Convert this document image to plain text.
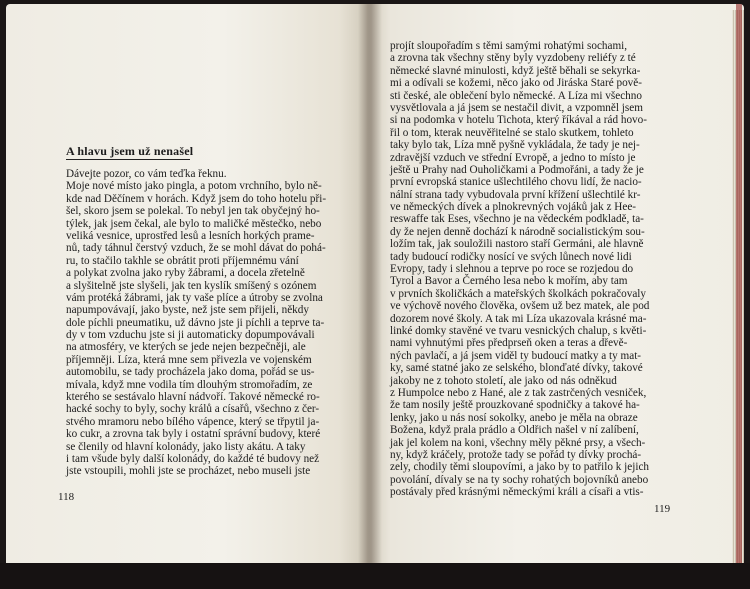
A hlavu jsem už nenašel
Dávejte pozor, co vám teďka řeknu.
Moje nové místo jako pingla, a potom vrchního, bylo ně-
kde nad Děčínem v horách. Když jsem do toho hotelu při-
šel, skoro jsem se polekal. To nebyl jen tak obyčejný ho-
týlek, jak jsem čekal, ale bylo to maličké městečko, nebo
veliká vesnice, uprostřed lesů a lesních horkých prame-
nů, tady táhnul čerstvý vzduch, že se mohl dávat do pohá-
ru, to stačilo takhle se obrátit proti příjemnému vání
a polykat zvolna jako ryby žábrami, a docela zřetelně
a slyšitelně jste slyšeli, jak ten kyslík smíšený s ozónem
vám protéká žábrami, jak ty vaše plíce a útroby se zvolna
napumpovávají, jako byste, než jste sem přijeli, někdy
dole píchli pneumatiku, už dávno jste ji píchli a teprve ta-
dy v tom vzduchu jste si ji automaticky dopumpovávali
na atmosféry, ve kterých se jede nejen bezpečněji, ale
příjemněji. Líza, která mne sem přivezla ve vojenském
automobilu, se tady procházela jako doma, pořád se us-
mívala, když mne vodila tím dlouhým stromořadím, ze
kterého se sestávalo hlavní nádvoří. Takové německé ro-
hacké sochy to byly, sochy králů a císařů, všechno z čer-
stvého mramoru nebo bílého vápence, který se třpytil ja-
ko cukr, a zrovna tak byly i ostatní správní budovy, které
se členily od hlavní kolonády, jako listy akátu. A taky
i tam všude byly další kolonády, do každé té budovy než
jste vstoupili, mohli jste se procházet, nebo museli jste
118
projít sloupořadím s těmi samými rohatými sochami,
a zrovna tak všechny stěny byly vyzdobeny reliéfy z té
německé slavné minulosti, když ještě běhali se sekyrka-
mi a odívali se kožemi, něco jako od Jiráska Staré pově-
sti české, ale oblečení bylo německé. A Líza mi všechno
vysvětlovala a já jsem se nestačil divit, a vzpomněl jsem
si na podomka v hotelu Tichota, který říkával a rád hovo-
řil o tom, kterak neuvěřitelné se stalo skutkem, tohleto
taky bylo tak, Líza mně pyšně vykládala, že tady je nej-
zdravější vzduch ve střední Evropě, a jedno to místo je
ještě u Prahy nad Ouholičkami a Podmořáni, a tady že je
první evropská stanice ušlechtilého chovu lidí, že nacio-
nální strana tady vybudovala první křížení ušlechtilé kr-
ve německých dívek a plnokrevných vojáků jak z Hee-
reswaffe tak Eses, všechno je na vědeckém podkladě, ta-
dy že nejen denně dochází k národně socialistickým sou-
ložím tak, jak souložili nastoro staří Germáni, ale hlavně
tady budoucí rodičky nosící ve svých lůnech nové lidi
Evropy, tady i slehnou a teprve po roce se rozjedou do
Tyrol a Bavor a Černého lesa nebo k mořím, aby tam
v prvních školičkách a mateřských školkách pokračovaly
ve výchově nového člověka, ovšem už bez matek, ale pod
dozorem nové školy. A tak mi Líza ukazovala krásné ma-
linké domky stavěné ve tvaru vesnických chalup, s květi-
nami vyhnutými přes předprseň oken a teras a dřevě-
ných pavlačí, a já jsem viděl ty budoucí matky a ty mat-
ky, samé statné jako ze selského, blonďaté dívky, takové
jakoby ne z tohoto století, ale jako od nás odněkud
z Humpolce nebo z Hané, ale z tak zastrčených vesniček,
že tam nosily ještě prouzkované spodničky a takové ha-
lenky, jako u nás nosí sokolky, anebo je měla na obraze
Božena, když prala prádlo a Oldřich našel v ní zalíbení,
jak jel kolem na koni, všechny měly pěkné prsy, a všech-
ny, když kráčely, protože tady se pořád ty dívky prochá-
zely, chodily těmi sloupovími, a jako by to patřilo k jejich
povolání, dívaly se na ty sochy rohatých bojovníků anebo
postávaly před krásnými německými králi a císaři a vtis-
119
